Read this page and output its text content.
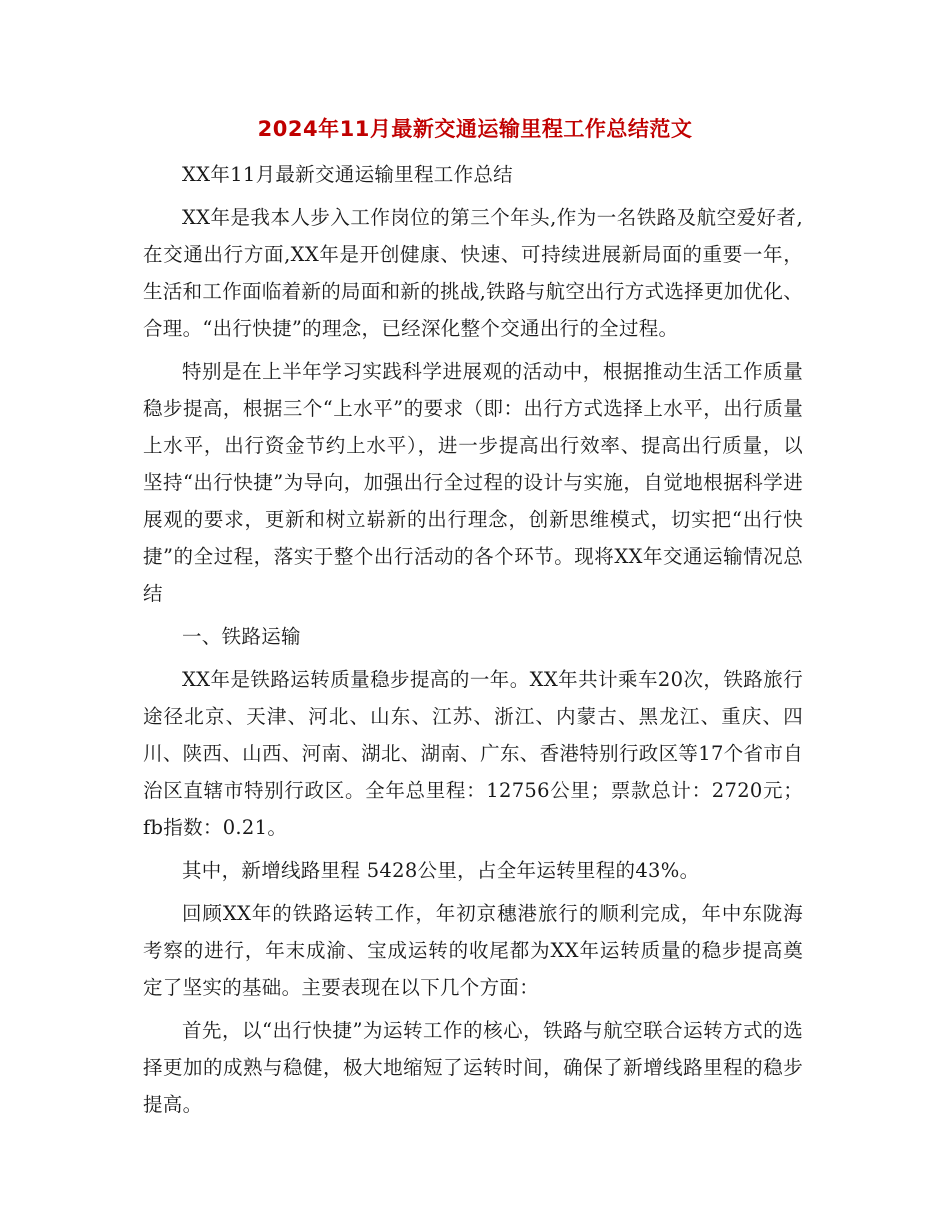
2024年11月最新交通运输里程工作总结范文

XX年11月最新交通运输里程工作总结

XX年是我本人步入工作岗位的第三个年头,作为一名铁路及航空爱好者,在交通出行方面,XX年是开创健康、快速、可持续进展新局面的重要一年，生活和工作面临着新的局面和新的挑战,铁路与航空出行方式选择更加优化、合理。“出行快捷”的理念，已经深化整个交通出行的全过程。

特别是在上半年学习实践科学进展观的活动中，根据推动生活工作质量稳步提高，根据三个“上水平”的要求（即：出行方式选择上水平，出行质量上水平，出行资金节约上水平），进一步提高出行效率、提高出行质量，以坚持“出行快捷”为导向，加强出行全过程的设计与实施，自觉地根据科学进展观的要求，更新和树立崭新的出行理念，创新思维模式，切实把“出行快捷”的全过程，落实于整个出行活动的各个环节。现将XX年交通运输情况总结

一、铁路运输

XX年是铁路运转质量稳步提高的一年。XX年共计乘车20次，铁路旅行途径北京、天津、河北、山东、江苏、浙江、内蒙古、黑龙江、重庆、四川、陕西、山西、河南、湖北、湖南、广东、香港特别行政区等17个省市自治区直辖市特别行政区。全年总里程：12756公里；票款总计：2720元；fb指数：0.21。

其中，新增线路里程 5428公里，占全年运转里程的43%。

回顾XX年的铁路运转工作，年初京穗港旅行的顺利完成，年中东陇海考察的进行，年末成渝、宝成运转的收尾都为XX年运转质量的稳步提高奠定了坚实的基础。主要表现在以下几个方面：

首先，以“出行快捷”为运转工作的核心，铁路与航空联合运转方式的选择更加的成熟与稳健，极大地缩短了运转时间，确保了新增线路里程的稳步提高。
